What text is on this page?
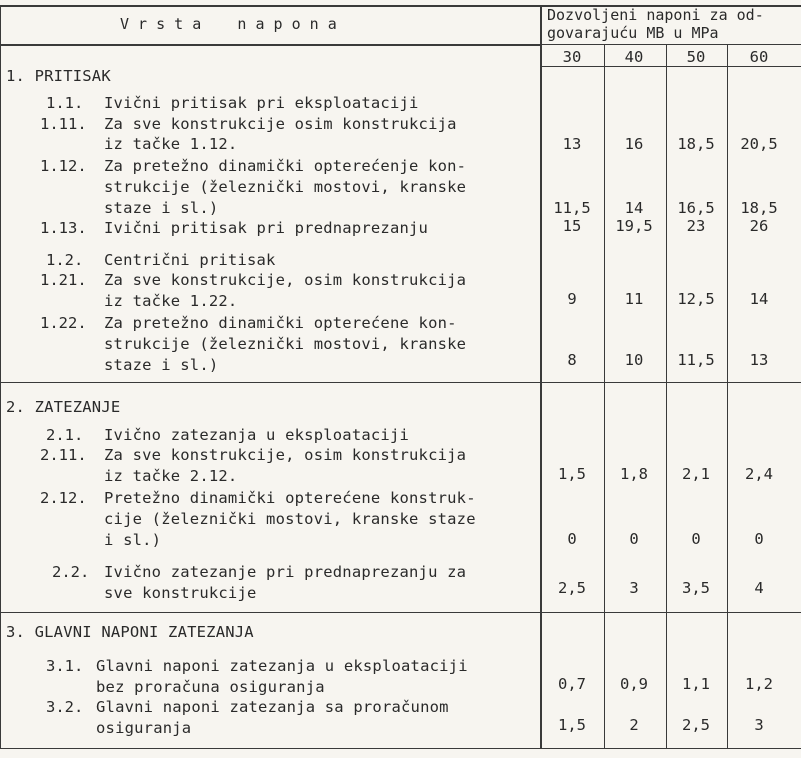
V r s t a    n a p o n a	Dozvoljeni naponi za od-
govarajuću MB u MPa
30	40	50	60
1. PRITISAK
1.1. Ivični pritisak pri eksploataciji
1.11. Za sve konstrukcije osim konstrukcija
iz tačke 1.12.	13	16	18,5	20,5
1.12. Za pretežno dinamički opterećenje kon-
strukcije (železnički mostovi, kranske
staze i sl.)	11,5	14	16,5	18,5
1.13. Ivični pritisak pri prednaprezanju	15	19,5	23	26
1.2. Centrični pritisak
1.21. Za sve konstrukcije, osim konstrukcija
iz tačke 1.22.	9	11	12,5	14
1.22. Za pretežno dinamički opterećene kon-
strukcije (železnički mostovi, kranske
staze i sl.)	8	10	11,5	13
2. ZATEZANJE
2.1. Ivično zatezanja u eksploataciji
2.11. Za sve konstrukcije, osim konstrukcija
iz tačke 2.12.	1,5	1,8	2,1	2,4
2.12. Pretežno dinamički opterećene konstruk-
cije (železnički mostovi, kranske staze
i sl.)	0	0	0	0
2.2. Ivično zatezanje pri prednaprezanju za
sve konstrukcije	2,5	3	3,5	4
3. GLAVNI NAPONI ZATEZANJA
3.1. Glavni naponi zatezanja u eksploataciji
bez proračuna osiguranja	0,7	0,9	1,1	1,2
3.2. Glavni naponi zatezanja sa proračunom
osiguranja	1,5	2	2,5	3
